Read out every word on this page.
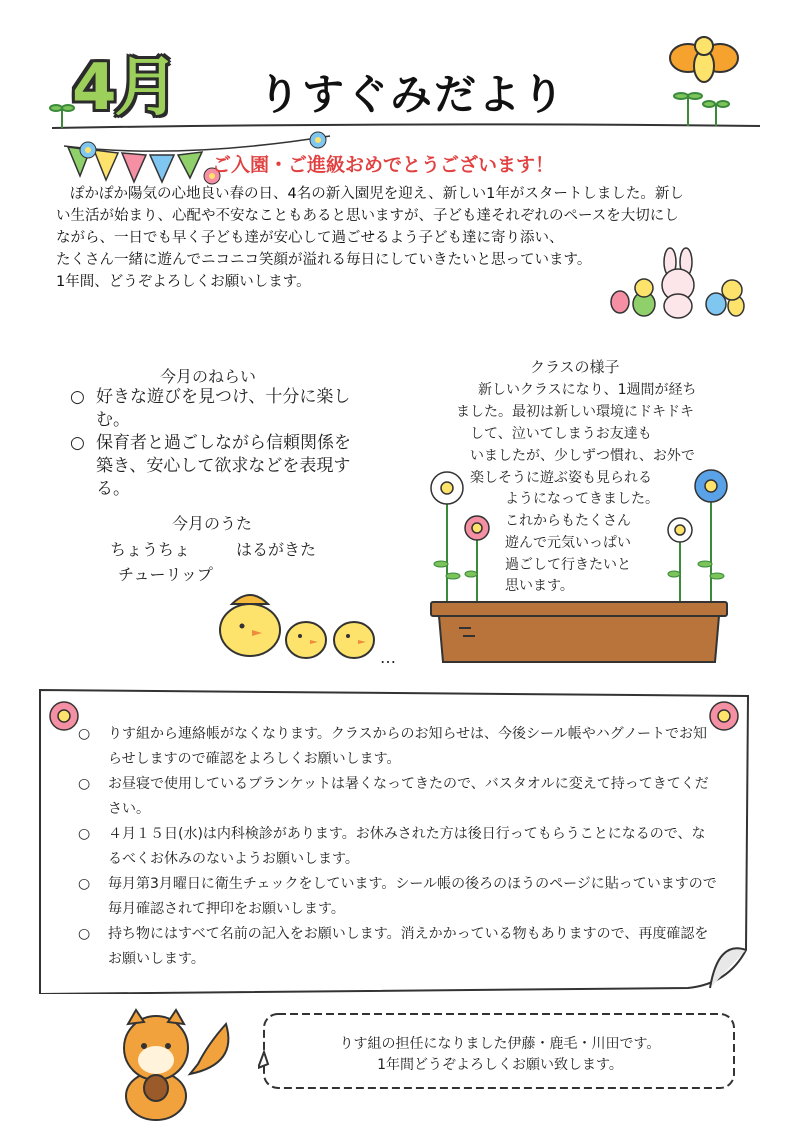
4月 りすぐみだより
ご入園・ご進級おめでとうございます！

ぽかぽか陽気の心地良い春の日、4名の新入園児を迎え、新しい1年がスタートしました。新し

い生活が始まり、心配や不安なこともあると思いますが、子ども達それぞれのペースを大切にし

ながら、一日でも早く子ども達が安心して過ごせるよう子ども達に寄り添い、

たくさん一緒に遊んでニコニコ笑顔が溢れる毎日にしていきたいと思っています。

1年間、どうぞよろしくお願いします。

今月のねらい

○ 好きな遊びを見つけ、十分に楽しむ。

○ 保育者と過ごしながら信頼関係を築き、安心して欲求などを表現する。

今月のうた
ちょうちょ	はるがきた
チューリップ
…
クラスの様子
新しいクラスになり、1週間が経ち
ました。最初は新しい環境にドキドキ
して、泣いてしまうお友達も
いましたが、少しずつ慣れ、お外で
楽しそうに遊ぶ姿も見られる
ようになってきました。
これからもたくさん
遊んで元気いっぱい
過ごして行きたいと
思います。

○ りす組から連絡帳がなくなります。クラスからのお知らせは、今後シール帳やハグノートでお知らせしますので確認をよろしくお願いします。

○ お昼寝で使用しているブランケットは暑くなってきたので、バスタオルに変えて持ってきてください。

○ ４月１５日(水)は内科検診があります。お休みされた方は後日行ってもらうことになるので、なるべくお休みのないようお願いします。

○ 毎月第3月曜日に衛生チェックをしています。シール帳の後ろのほうのページに貼っていますので毎月確認されて押印をお願いします。

○ 持ち物にはすべて名前の記入をお願いします。消えかかっている物もありますので、再度確認をお願いします。

りす組の担任になりました伊藤・鹿毛・川田です。
1年間どうぞよろしくお願い致します。
